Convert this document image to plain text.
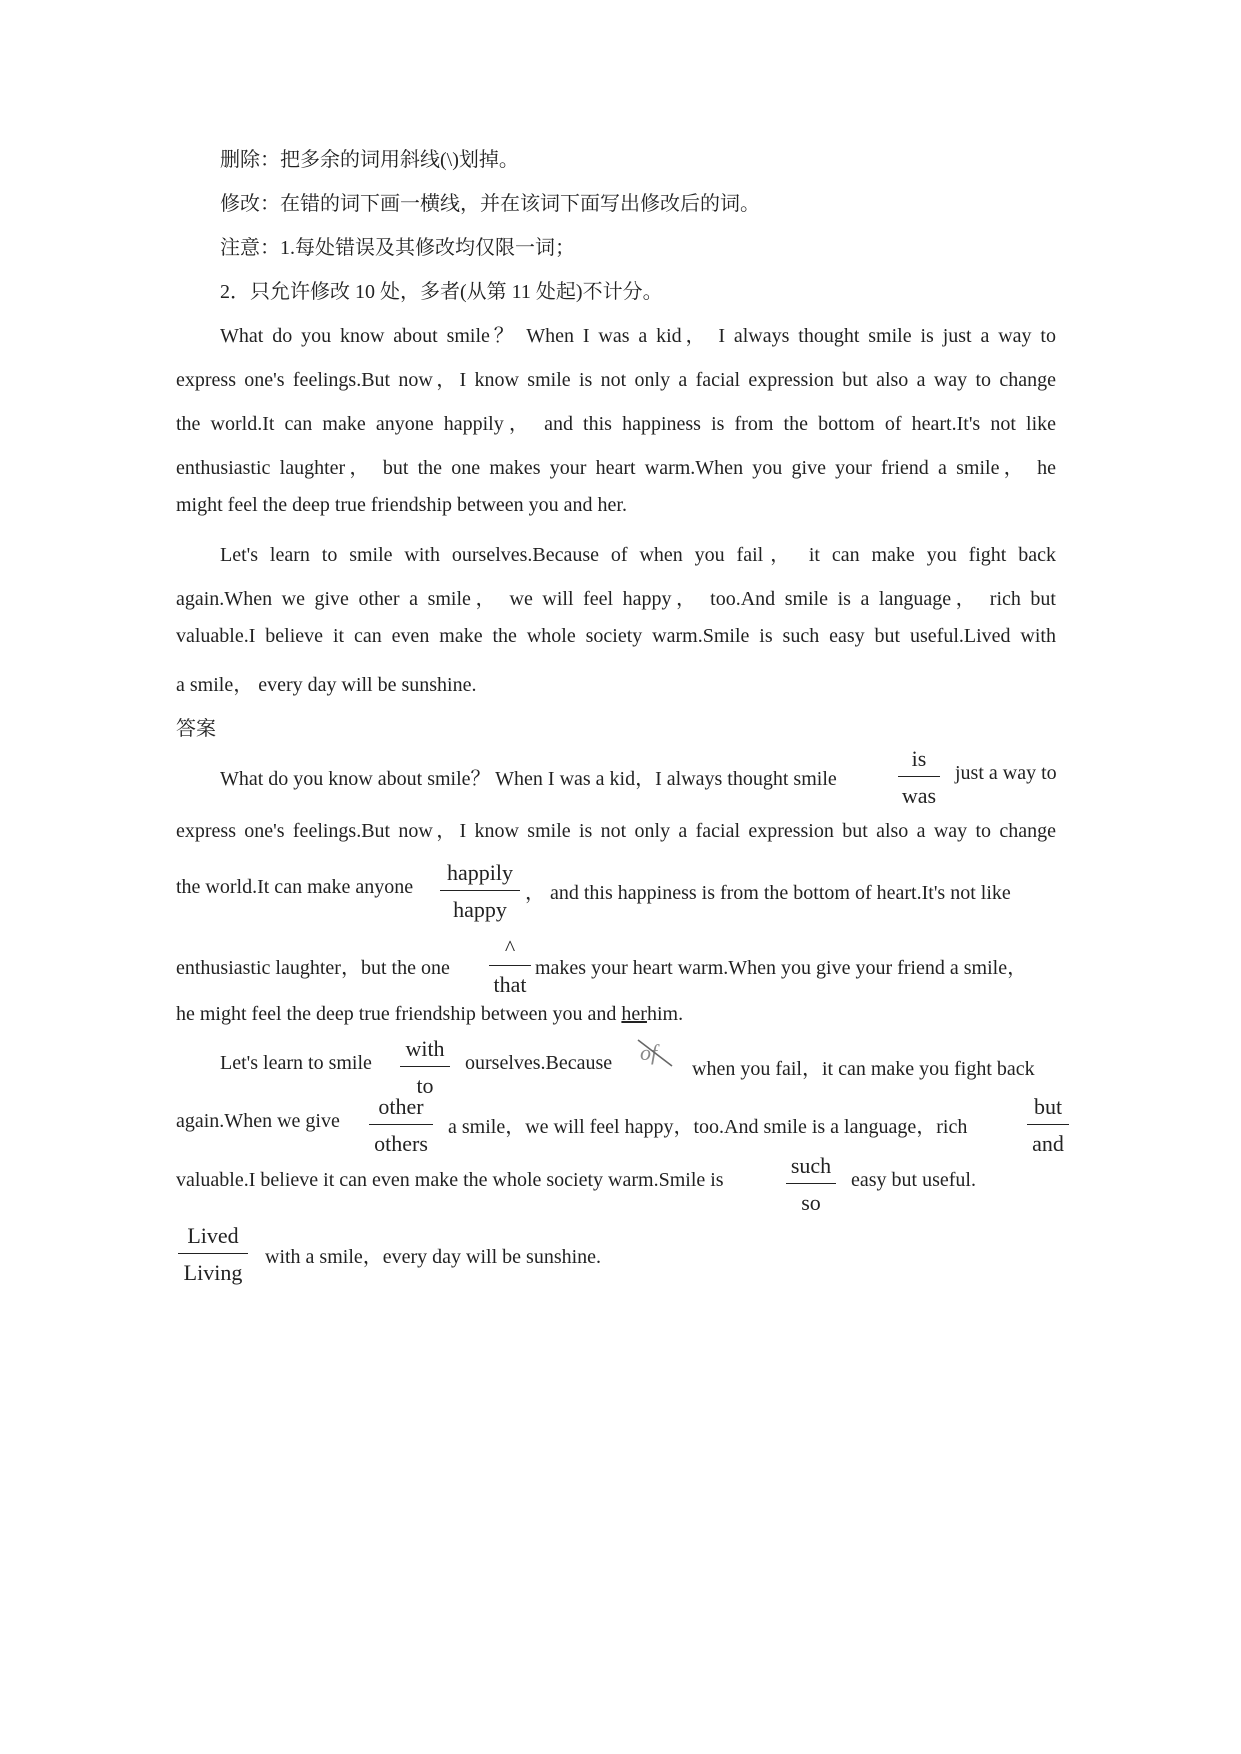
删除：把多余的词用斜线(\)划掉。
修改：在错的词下画一横线，并在该词下面写出修改后的词。
注意：1.每处错误及其修改均仅限一词；
2．只允许修改 10 处，多者(从第 11 处起)不计分。
What do you know about smile？ When I was a kid， I always thought smile is just a way to
express one's feelings.But now，I know smile is not only a facial expression but also a way to change
the world.It can make anyone happily， and this happiness is from the bottom of heart.It's not like
enthusiastic laughter， but the one makes your heart warm.When you give your friend a smile， he
might feel the deep true friendship between you and her.
Let's learn to smile with ourselves.Because of when you fail， it can make you fight back
again.When we give other a smile， we will feel happy， too.And smile is a language， rich but
valuable.I believe it can even make the whole society warm.Smile is such easy but useful.Lived with
a smile， every day will be sunshine.
答案
What do you know about smile？ When I was a kid，I always thought smile
is
was
just a way to
express one's feelings.But now，I know smile is not only a facial expression but also a way to change
the world.It can make anyone
happily
happy
， and this happiness is from the bottom of heart.It's not like
enthusiastic laughter，but the one
^
that
makes your heart warm.When you give your friend a smile，
he might feel the deep true friendship between you and herhim.
Let's learn to smile
with
to
ourselves.Because of
when you fail，it can make you fight back
again.When we give
other
others
a smile，we will feel happy，too.And smile is a language，rich
but
and
valuable.I believe it can even make the whole society warm.Smile is
such
so
easy but useful.
Lived
Living
with a smile，every day will be sunshine.
